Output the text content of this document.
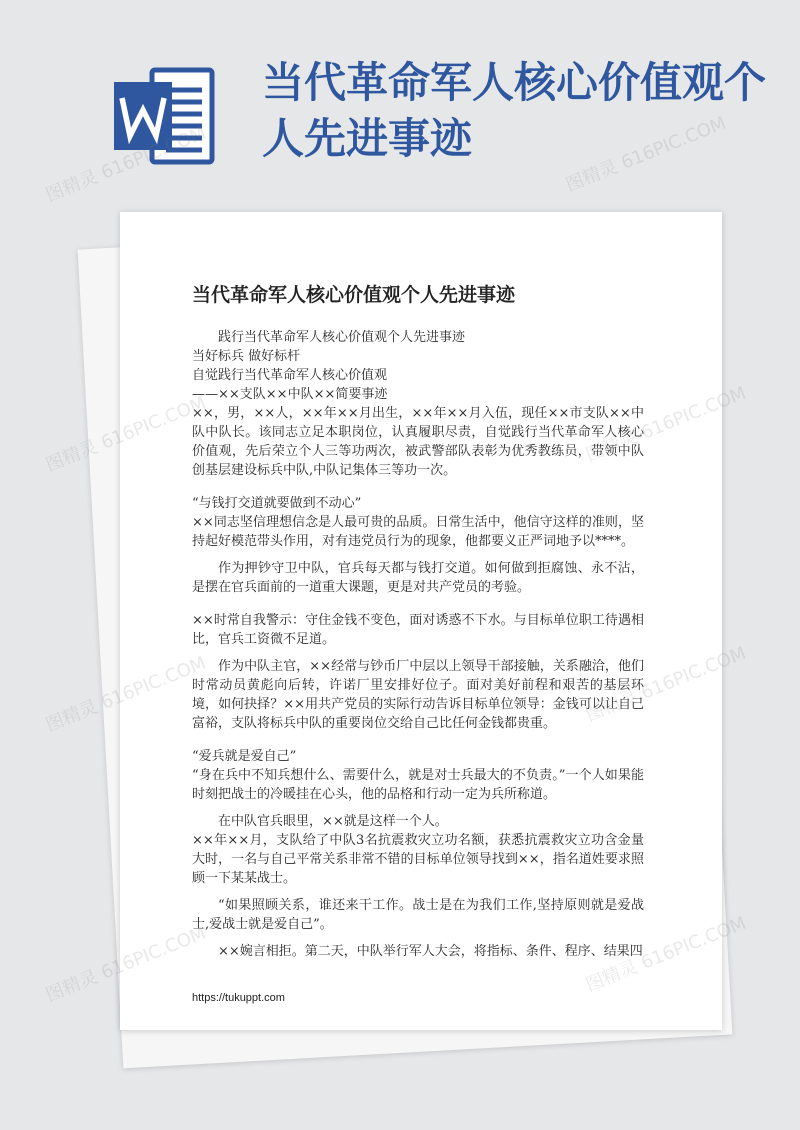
当代革命军人核心价值观个人先进事迹
当代革命军人核心价值观个人先进事迹

践行当代革命军人核心价值观个人先进事迹

当好标兵 做好标杆

自觉践行当代革命军人核心价值观

——××支队××中队××简要事迹

××，男，××人，××年××月出生，××年××月入伍，现任××市支队××中队中队长。该同志立足本职岗位，认真履职尽责，自觉践行当代革命军人核心价值观，先后荣立个人三等功两次，被武警部队表彰为优秀教练员，带领中队创基层建设标兵中队,中队记集体三等功一次。

“与钱打交道就要做到不动心”

××同志坚信理想信念是人最可贵的品质。日常生活中，他信守这样的准则，坚持起好模范带头作用，对有违党员行为的现象，他都要义正严词地予以****。

作为押钞守卫中队，官兵每天都与钱打交道。如何做到拒腐蚀、永不沾，是摆在官兵面前的一道重大课题，更是对共产党员的考验。

××时常自我警示：守住金钱不变色，面对诱惑不下水。与目标单位职工待遇相比，官兵工资微不足道。

作为中队主官，××经常与钞币厂中层以上领导干部接触，关系融洽，他们时常动员黄彪向后转，许诺厂里安排好位子。面对美好前程和艰苦的基层环境，如何抉择？××用共产党员的实际行动告诉目标单位领导：金钱可以让自己富裕，支队将标兵中队的重要岗位交给自己比任何金钱都贵重。

“爱兵就是爱自己”

“身在兵中不知兵想什么、需要什么，就是对士兵最大的不负责。”一个人如果能时刻把战士的冷暖挂在心头，他的品格和行动一定为兵所称道。

在中队官兵眼里，××就是这样一个人。

××年××月，支队给了中队3名抗震救灾立功名额，获悉抗震救灾立功含金量大时，一名与自己平常关系非常不错的目标单位领导找到××，指名道姓要求照顾一下某某战士。

“如果照顾关系，谁还来干工作。战士是在为我们工作,坚持原则就是爱战士,爱战士就是爱自己”。

××婉言相拒。第二天，中队举行军人大会，将指标、条件、程序、结果四

https://tukuppt.com
图精灵 616PIC.COM	图精灵 616PIC.COM
图精灵
图精灵
图精灵
